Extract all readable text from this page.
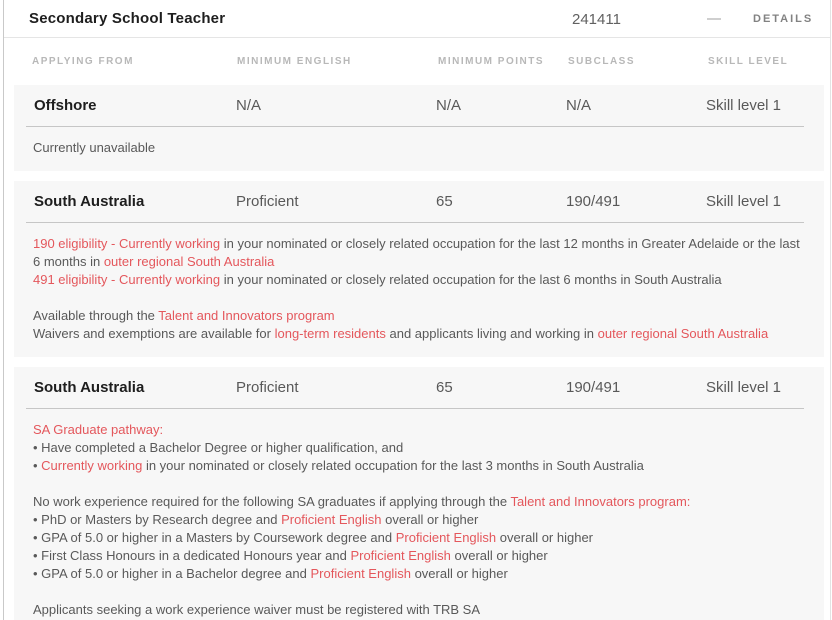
Secondary School Teacher	241411	DETAILS
APPLYING FROM	MINIMUM ENGLISH	MINIMUM POINTS	SUBCLASS	SKILL LEVEL
Offshore	N/A	N/A	N/A	Skill level 1
Currently unavailable
South Australia	Proficient	65	190/491	Skill level 1
190 eligibility - Currently working in your nominated or closely related occupation for the last 12 months in Greater Adelaide or the last 6 months in outer regional South Australia
491 eligibility - Currently working in your nominated or closely related occupation for the last 6 months in South Australia
Available through the Talent and Innovators program
Waivers and exemptions are available for long-term residents and applicants living and working in outer regional South Australia
South Australia	Proficient	65	190/491	Skill level 1
SA Graduate pathway:
• Have completed a Bachelor Degree or higher qualification, and
• Currently working in your nominated or closely related occupation for the last 3 months in South Australia
No work experience required for the following SA graduates if applying through the Talent and Innovators program:
• PhD or Masters by Research degree and Proficient English overall or higher
• GPA of 5.0 or higher in a Masters by Coursework degree and Proficient English overall or higher
• First Class Honours in a dedicated Honours year and Proficient English overall or higher
• GPA of 5.0 or higher in a Bachelor degree and Proficient English overall or higher
Applicants seeking a work experience waiver must be registered with TRB SA
